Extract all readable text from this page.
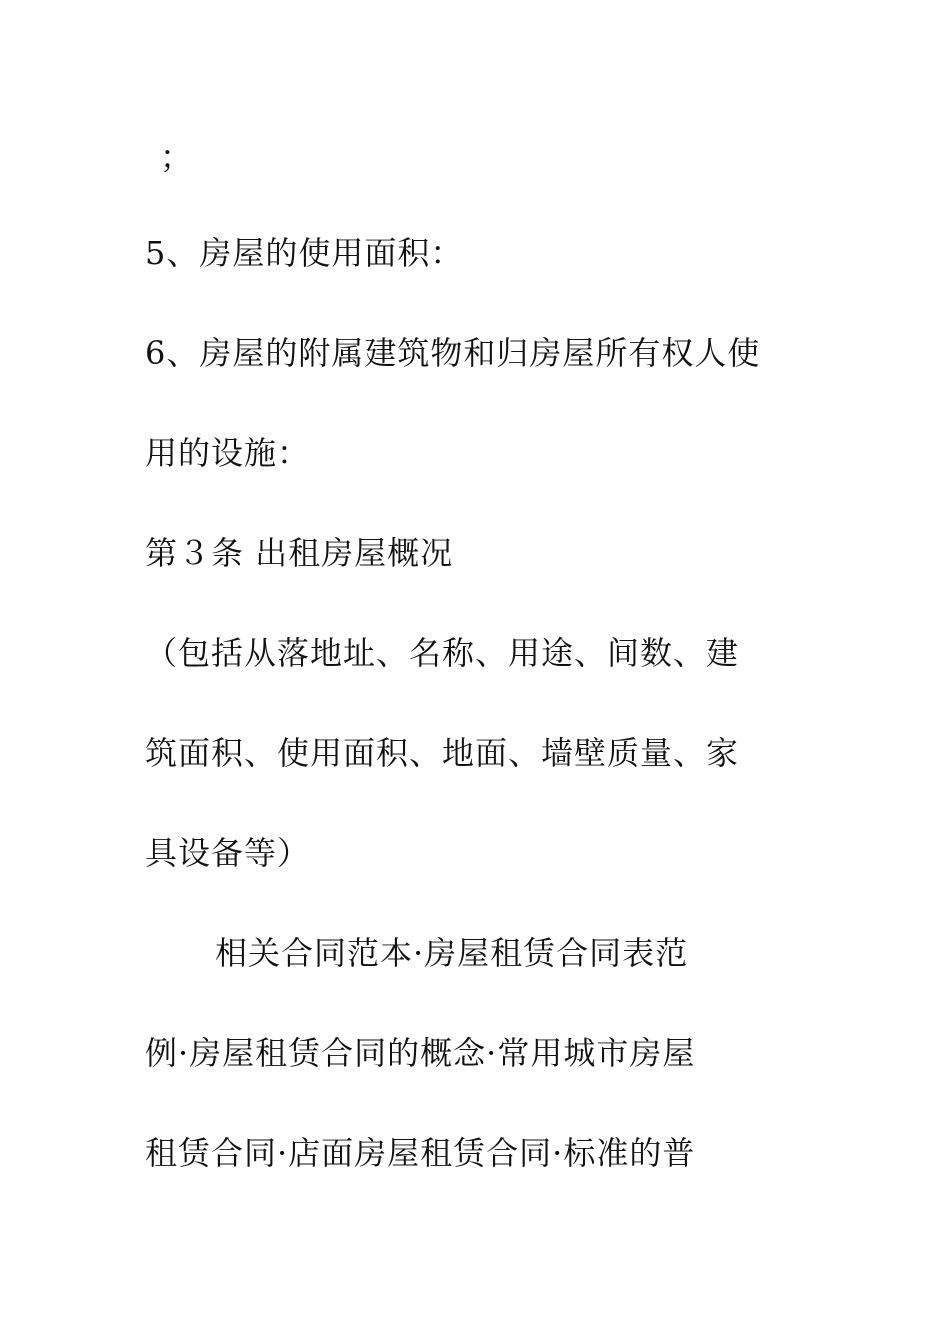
；
5、房屋的使用面积：
6、房屋的附属建筑物和归房屋所有权人使
用的设施：
第３条 出租房屋概况
（包括从落地址、名称、用途、间数、建
筑面积、使用面积、地面、墙壁质量、家
具设备等）
相关合同范本·房屋租赁合同表范
例·房屋租赁合同的概念·常用城市房屋
租赁合同·店面房屋租赁合同·标准的普
